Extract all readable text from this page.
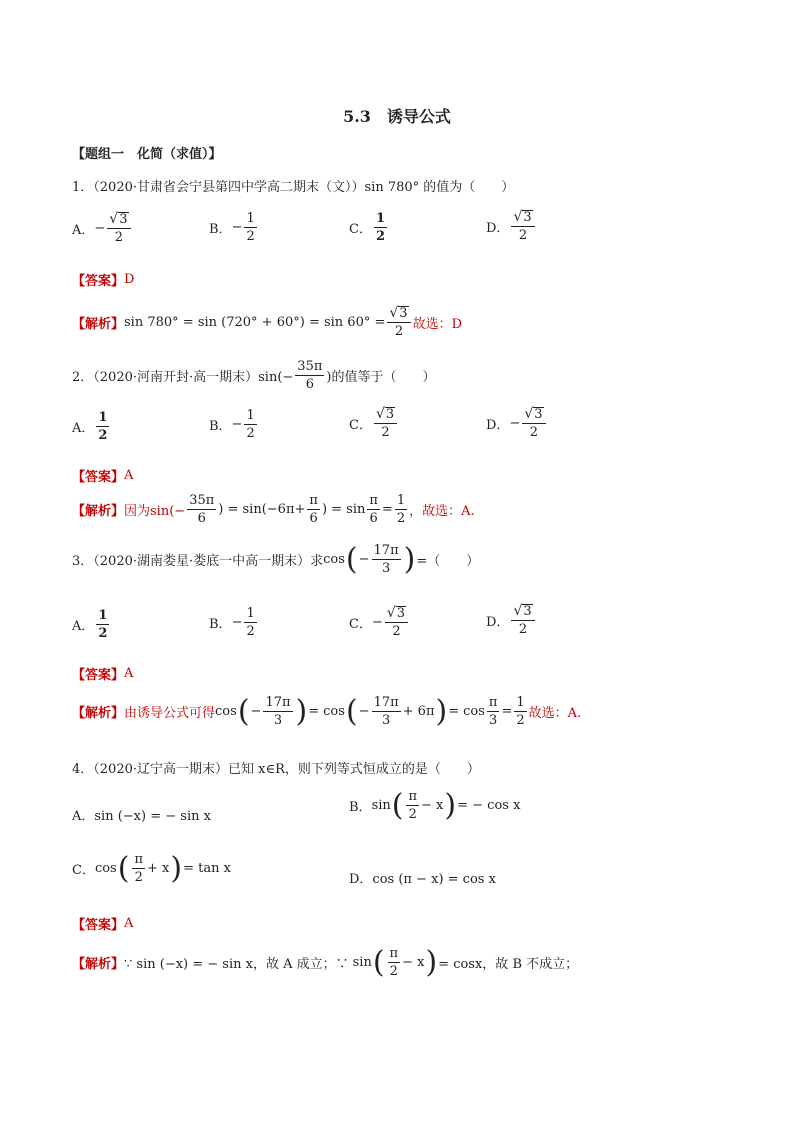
5.3　诱导公式
【题组一　化简（求值）】
1．（2020·甘肃省会宁县第四中学高二期末（文））sin 780° 的值为（　　）
A． − $\frac{√ 3}{2}$	B． − $\frac{1}{2}$	C． $\frac{1}{2}$	D． $\frac{√ 3}{2}$
【答案】 D
【解析】 $\sin 780^\circ = \sin (720^\circ + 60^\circ) = \sin 60^\circ = \frac{√ 3}{2}$ 故选：D
2．（2020·河南开封·高一期末）$\sin(- \frac{35\pi}{6}$ )的值等于（　　）
A． $\frac{1}{2}$	B． − $\frac{1}{2}$	C． $\frac{√ 3}{2}$	D． − $\frac{√ 3}{2}$
【答案】 A
【解析】 因为$\sin(- \frac{35\pi}{6}$ ) = $\sin(-6\pi+ \frac{\pi}{6}$ ) = $\sin \frac{\pi}{6} = \frac{1}{2}$ ，故选：A.
3．（2020·湖南娄星·娄底一中高一期末）求 cos ( − $\frac{17\pi}{3}$ ) =（　　）
A． $\frac{1}{2}$	B． − $\frac{1}{2}$	C． − $\frac{√ 3}{2}$	D． $\frac{√ 3}{2}$
【答案】 A
【解析】 由诱导公式可得 cos ( − $\frac{17\pi}{3}$ ) = cos ( − $\frac{17\pi}{3} + 6\pi$ ) = $\cos \frac{\pi}{3} = \frac{1}{2}$ 故选：A.
4．（2020·辽宁高一期末）已知 x∈R，则下列等式恒成立的是（　　）
A．sin (−x) = − sin x
B． sin ( $\frac{\pi}{2} - x$ ) = − cos x
C． cos ( $\frac{\pi}{2} + x$ ) = tan x
D．cos (π − x) = cos x
【答案】 A
【解析】 ∵ sin (−x) = − sin x，故 A 成立；∵ sin ( $\frac{\pi}{2} - x$ ) = cosx，故 B 不成立；
